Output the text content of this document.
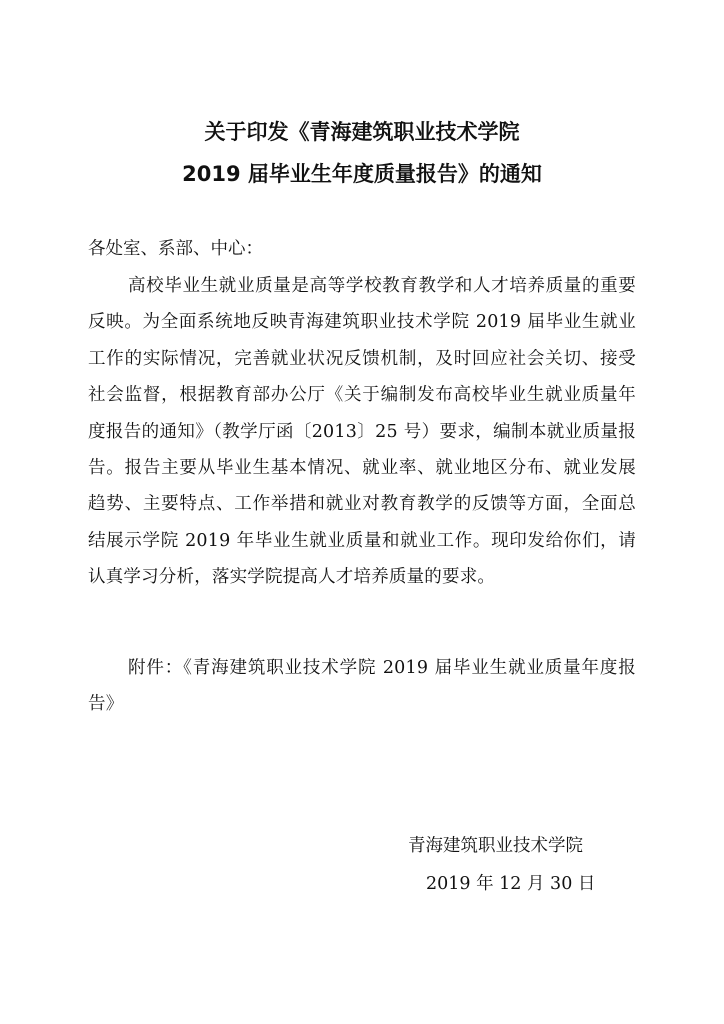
关于印发《青海建筑职业技术学院
2019 届毕业生年度质量报告》的通知

各处室、系部、中心：

高校毕业生就业质量是高等学校教育教学和人才培养质量的重要反映。为全面系统地反映青海建筑职业技术学院 2019 届毕业生就业工作的实际情况，完善就业状况反馈机制，及时回应社会关切、接受社会监督，根据教育部办公厅《关于编制发布高校毕业生就业质量年度报告的通知》（教学厅函〔2013〕25 号）要求，编制本就业质量报告。报告主要从毕业生基本情况、就业率、就业地区分布、就业发展趋势、主要特点、工作举措和就业对教育教学的反馈等方面，全面总结展示学院 2019 年毕业生就业质量和就业工作。现印发给你们，请认真学习分析，落实学院提高人才培养质量的要求。

附件：《青海建筑职业技术学院 2019 届毕业生就业质量年度报告》

青海建筑职业技术学院

2019 年 12 月 30 日
